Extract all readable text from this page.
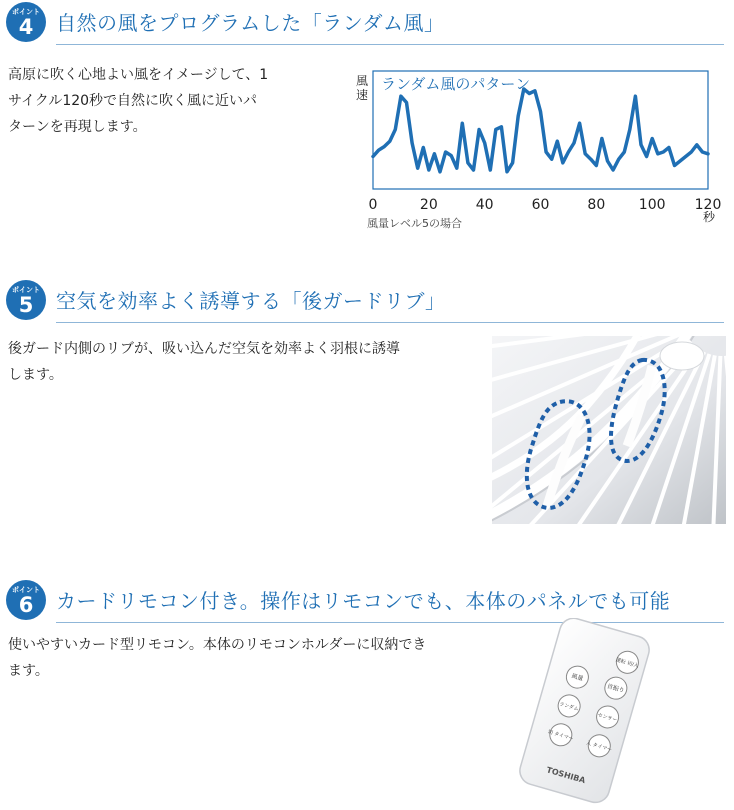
ポイント
4	自然の風をプログラムした「ランダム風」
高原に吹く心地よい風をイメージして、1
サイクル120秒で自然に吹く風に近いパ
ターンを再現します。
風
速
ランダム風のパターン
0	20	40	60	80 100 120
秒
風量レベル5の場合
ポイント
5	空気を効率よく誘導する「後ガードリブ」
後ガード内側のリブが、吸い込んだ空気を効率よく羽根に誘導
します。
ポイント
6	カードリモコン付き。操作はリモコンでも、本体のパネルでも可能
使いやすいカード型リモコン。本体のリモコンホルダーに収納でき
ます。	運転 切/入
風量
首振り
ランダム
センサー
切 タイマー
入 タイマー
TOSHIBA
